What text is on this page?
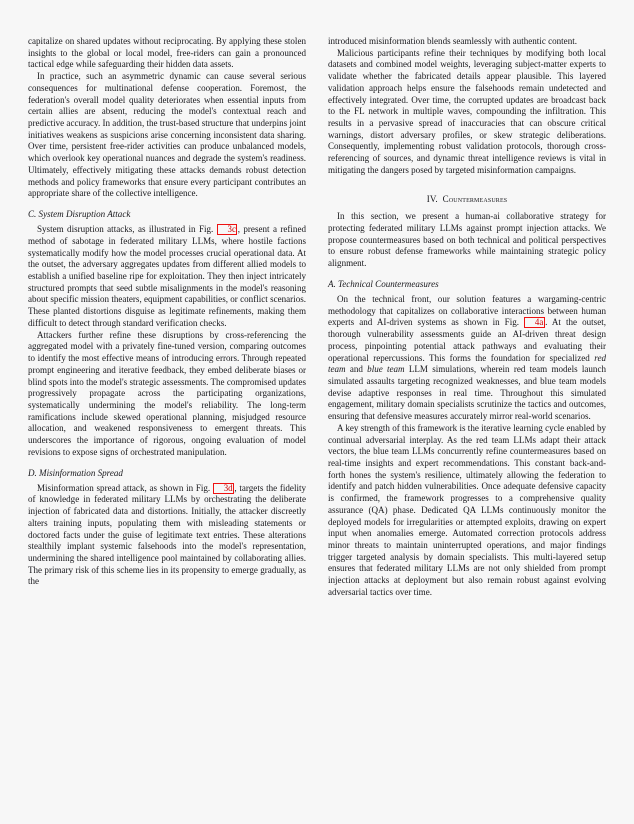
capitalize on shared updates without reciprocating. By applying these stolen insights to the global or local model, free-riders can gain a pronounced tactical edge while safeguarding their hidden data assets.

In practice, such an asymmetric dynamic can cause several serious consequences for multinational defense cooperation. Foremost, the federation's overall model quality deteriorates when essential inputs from certain allies are absent, reducing the model's contextual reach and predictive accuracy. In addition, the trust-based structure that underpins joint initiatives weakens as suspicions arise concerning inconsistent data sharing. Over time, persistent free-rider activities can produce unbalanced models, which overlook key operational nuances and degrade the system's readiness. Ultimately, effectively mitigating these attacks demands robust detection methods and policy frameworks that ensure every participant contributes an appropriate share of the collective intelligence.

C. System Disruption Attack

System disruption attacks, as illustrated in Fig. 3c , present a refined method of sabotage in federated military LLMs, where hostile factions systematically modify how the model processes crucial operational data. At the outset, the adversary aggregates updates from different allied models to establish a unified baseline ripe for exploitation. They then inject intricately structured prompts that seed subtle misalignments in the model's reasoning about specific mission theaters, equipment capabilities, or conflict scenarios. These planted distortions disguise as legitimate refinements, making them difficult to detect through standard verification checks.

Attackers further refine these disruptions by cross-referencing the aggregated model with a privately fine-tuned version, comparing outcomes to identify the most effective means of introducing errors. Through repeated prompt engineering and iterative feedback, they embed deliberate biases or blind spots into the model's strategic assessments. The compromised updates progressively propagate across the participating organizations, systematically undermining the model's reliability. The long-term ramifications include skewed operational planning, misjudged resource allocation, and weakened responsiveness to emergent threats. This underscores the importance of rigorous, ongoing evaluation of model revisions to expose signs of orchestrated manipulation.

D. Misinformation Spread

Misinformation spread attack, as shown in Fig. 3d , targets the fidelity of knowledge in federated military LLMs by orchestrating the deliberate injection of fabricated data and distortions. Initially, the attacker discreetly alters training inputs, populating them with misleading statements or doctored facts under the guise of legitimate text entries. These alterations stealthily implant systemic falsehoods into the model's representation, undermining the shared intelligence pool maintained by collaborating allies. The primary risk of this scheme lies in its propensity to emerge gradually, as the

introduced misinformation blends seamlessly with authentic content.

Malicious participants refine their techniques by modifying both local datasets and combined model weights, leveraging subject-matter experts to validate whether the fabricated details appear plausible. This layered validation approach helps ensure the falsehoods remain undetected and effectively integrated. Over time, the corrupted updates are broadcast back to the FL network in multiple waves, compounding the infiltration. This results in a pervasive spread of inaccuracies that can obscure critical warnings, distort adversary profiles, or skew strategic deliberations. Consequently, implementing robust validation protocols, thorough cross-referencing of sources, and dynamic threat intelligence reviews is vital in mitigating the dangers posed by targeted misinformation campaigns.

IV. Countermeasures

In this section, we present a human-ai collaborative strategy for protecting federated military LLMs against prompt injection attacks. We propose countermeasures based on both technical and political perspectives to ensure robust defense frameworks while maintaining strategic policy alignment.

A. Technical Countermeasures

On the technical front, our solution features a wargaming-centric methodology that capitalizes on collaborative interactions between human experts and AI-driven systems as shown in Fig. 4a . At the outset, thorough vulnerability assessments guide an AI-driven threat design process, pinpointing potential attack pathways and evaluating their operational repercussions. This forms the foundation for specialized red team and blue team LLM simulations, wherein red team models launch simulated assaults targeting recognized weaknesses, and blue team models devise adaptive responses in real time. Throughout this simulated engagement, military domain specialists scrutinize the tactics and outcomes, ensuring that defensive measures accurately mirror real-world scenarios.

A key strength of this framework is the iterative learning cycle enabled by continual adversarial interplay. As the red team LLMs adapt their attack vectors, the blue team LLMs concurrently refine countermeasures based on real-time insights and expert recommendations. This constant back-and-forth hones the system's resilience, ultimately allowing the federation to identify and patch hidden vulnerabilities. Once adequate defensive capacity is confirmed, the framework progresses to a comprehensive quality assurance (QA) phase. Dedicated QA LLMs continuously monitor the deployed models for irregularities or attempted exploits, drawing on expert input when anomalies emerge. Automated correction protocols address minor threats to maintain uninterrupted operations, and major findings trigger targeted analysis by domain specialists. This multi-layered setup ensures that federated military LLMs are not only shielded from prompt injection attacks at deployment but also remain robust against evolving adversarial tactics over time.
